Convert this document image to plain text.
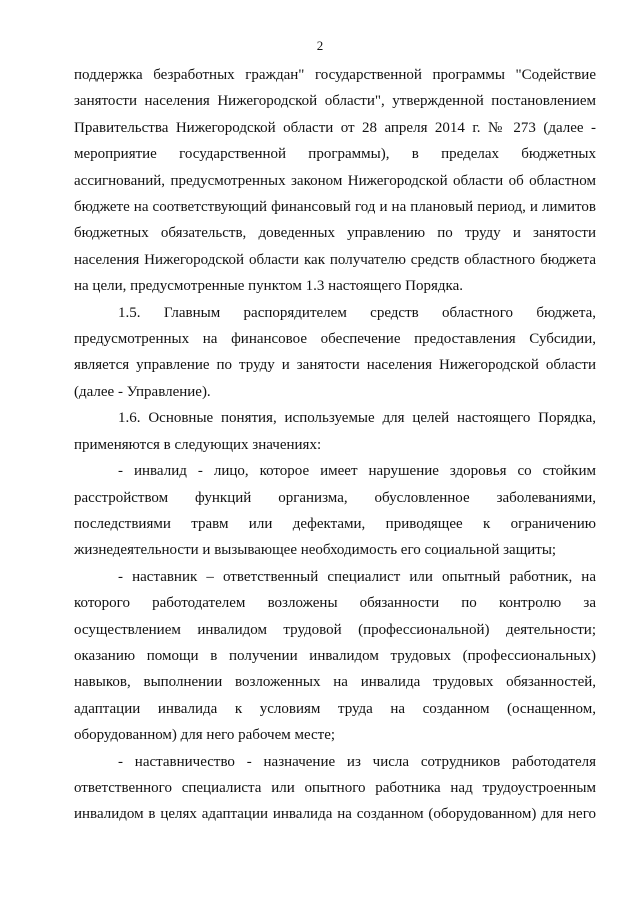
2

поддержка безработных граждан" государственной программы "Содействие занятости населения Нижегородской области", утвержденной постановлением Правительства Нижегородской области от 28 апреля 2014 г. № 273 (далее - мероприятие государственной программы), в пределах бюджетных ассигнований, предусмотренных законом Нижегородской области об областном бюджете на соответствующий финансовый год и на плановый период, и лимитов бюджетных обязательств, доведенных управлению по труду и занятости населения Нижегородской области как получателю средств областного бюджета на цели, предусмотренные пунктом 1.3 настоящего Порядка.

1.5. Главным распорядителем средств областного бюджета, предусмотренных на финансовое обеспечение предоставления Субсидии, является управление по труду и занятости населения Нижегородской области (далее - Управление).

1.6. Основные понятия, используемые для целей настоящего Порядка, применяются в следующих значениях:

- инвалид - лицо, которое имеет нарушение здоровья со стойким расстройством функций организма, обусловленное заболеваниями, последствиями травм или дефектами, приводящее к ограничению жизнедеятельности и вызывающее необходимость его социальной защиты;

- наставник – ответственный специалист или опытный работник, на которого работодателем возложены обязанности по контролю за осуществлением инвалидом трудовой (профессиональной) деятельности; оказанию помощи в получении инвалидом трудовых (профессиональных) навыков, выполнении возложенных на инвалида трудовых обязанностей, адаптации инвалида к условиям труда на созданном (оснащенном, оборудованном) для него рабочем месте;

- наставничество - назначение из числа сотрудников работодателя ответственного специалиста или опытного работника над трудоустроенным инвалидом в целях адаптации инвалида на созданном (оборудованном) для него
